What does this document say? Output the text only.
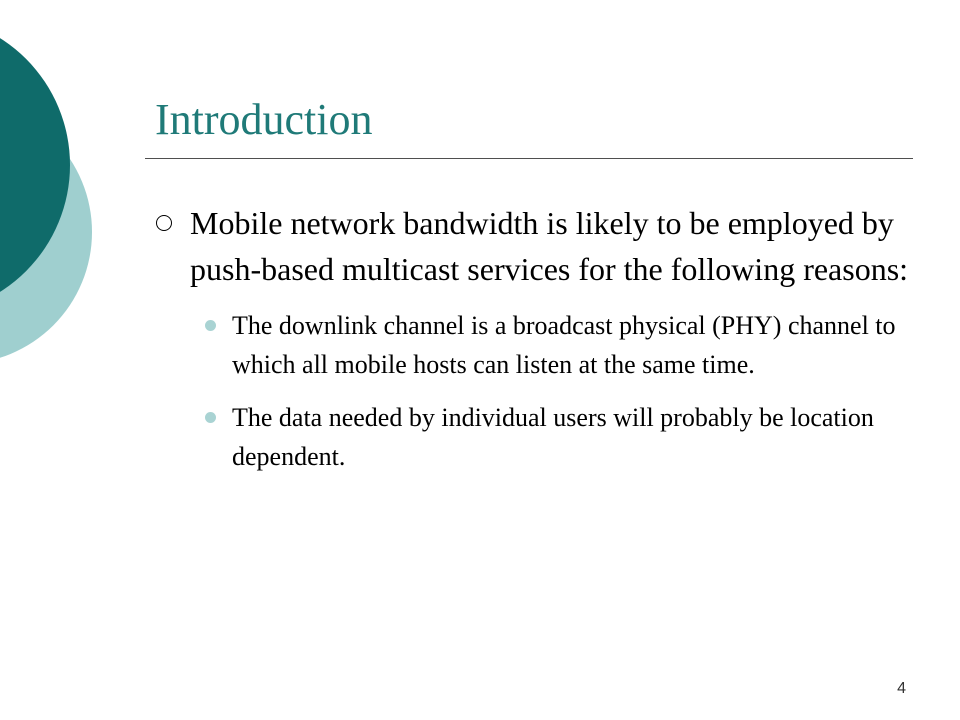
Introduction
Mobile network bandwidth is likely to be employed by push-based multicast services for the following reasons:
The downlink channel is a broadcast physical (PHY) channel to which all mobile hosts can listen at the same time.
The data needed by individual users will probably be location dependent.
4
